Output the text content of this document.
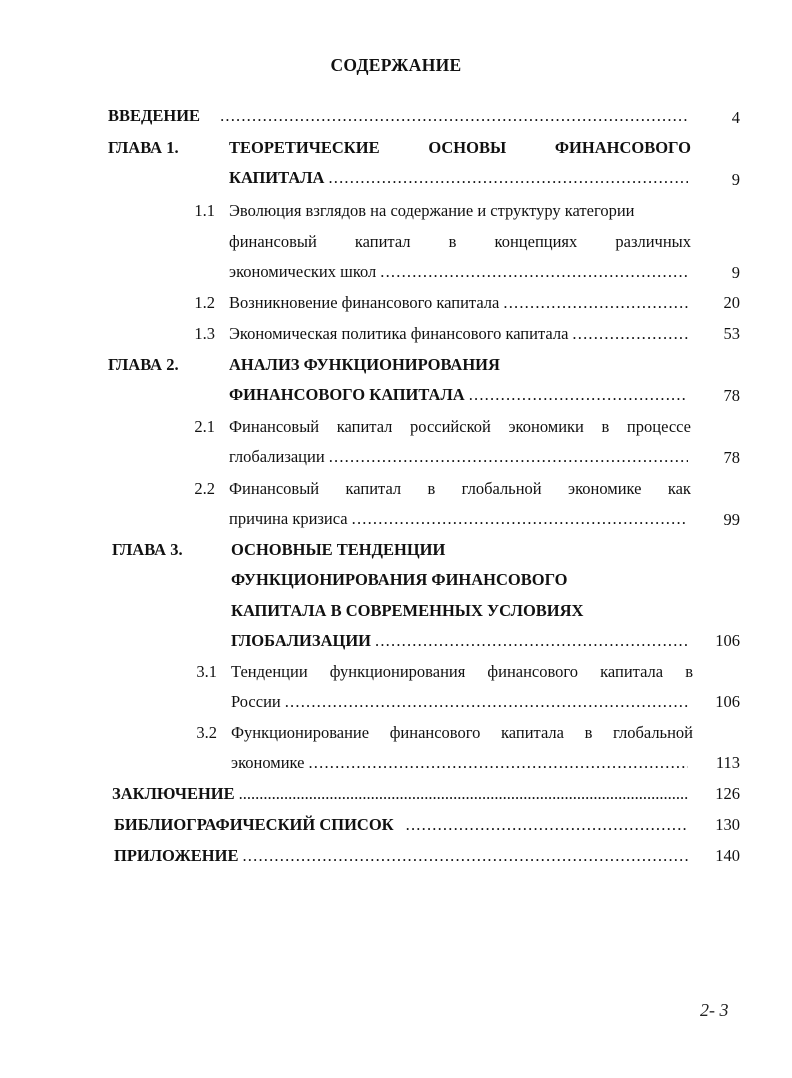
СОДЕРЖАНИЕ
ВВЕДЕНИЕ .....	4
ГЛАВА 1.	ТЕОРЕТИЧЕСКИЕ	ОСНОВЫ	ФИНАНСОВОГО
КАПИТАЛА .....	9
1.1 Эволюция взглядов на содержание и структуру категории
финансовый капитал в концепциях различных
экономических школ .....	9
1.2 Возникновение финансового капитала .....	20
1.3 Экономическая политика финансового капитала .....	53
ГЛАВА 2.	АНАЛИЗ ФУНКЦИОНИРОВАНИЯ
ФИНАНСОВОГО КАПИТАЛА .....	78
2.1 Финансовый капитал российской экономики в процессе
глобализации .....	78
2.2 Финансовый капитал в глобальной экономике как
причина кризиса .....	99
ГЛАВА 3.	ОСНОВНЫЕ ТЕНДЕНЦИИ
ФУНКЦИОНИРОВАНИЯ ФИНАНСОВОГО
КАПИТАЛА В СОВРЕМЕННЫХ УСЛОВИЯХ
ГЛОБАЛИЗАЦИИ .....	106
3.1 Тенденции функционирования финансового капитала в
России .....	106
3.2 Функционирование финансового капитала в глобальной
экономике .....	113
ЗАКЛЮЧЕНИЕ .....	126
БИБЛИОГРАФИЧЕСКИЙ СПИСОК .....	130
ПРИЛОЖЕНИЕ .....	140
2- 3
